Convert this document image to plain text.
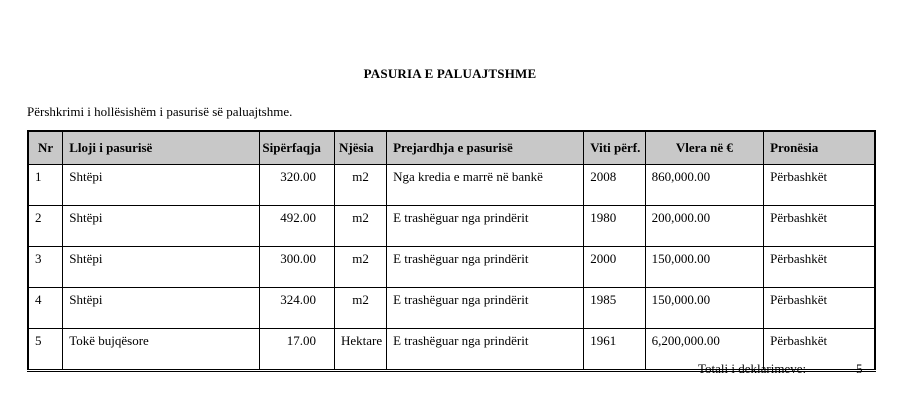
PASURIA E PALUAJTSHME
Përshkrimi i hollësishëm i pasurisë së paluajtshme.
Nr	Lloji i pasurisë	Sipërfaqja	Njësia	Prejardhja e pasurisë	Viti përf.	Vlera në €	Pronësia
1	Shtëpi	320.00	m2	Nga kredia e marrë në bankë	2008	860,000.00	Përbashkët
2	Shtëpi	492.00	m2	E trashëguar nga prindërit	1980	200,000.00	Përbashkët
3	Shtëpi	300.00	m2	E trashëguar nga prindërit	2000	150,000.00	Përbashkët
4	Shtëpi	324.00	m2	E trashëguar nga prindërit	1985	150,000.00	Përbashkët
5	Tokë bujqësore	17.00	Hektare	E trashëguar nga prindërit	1961	6,200,000.00	Përbashkët
Totali i deklarimeve:	5
